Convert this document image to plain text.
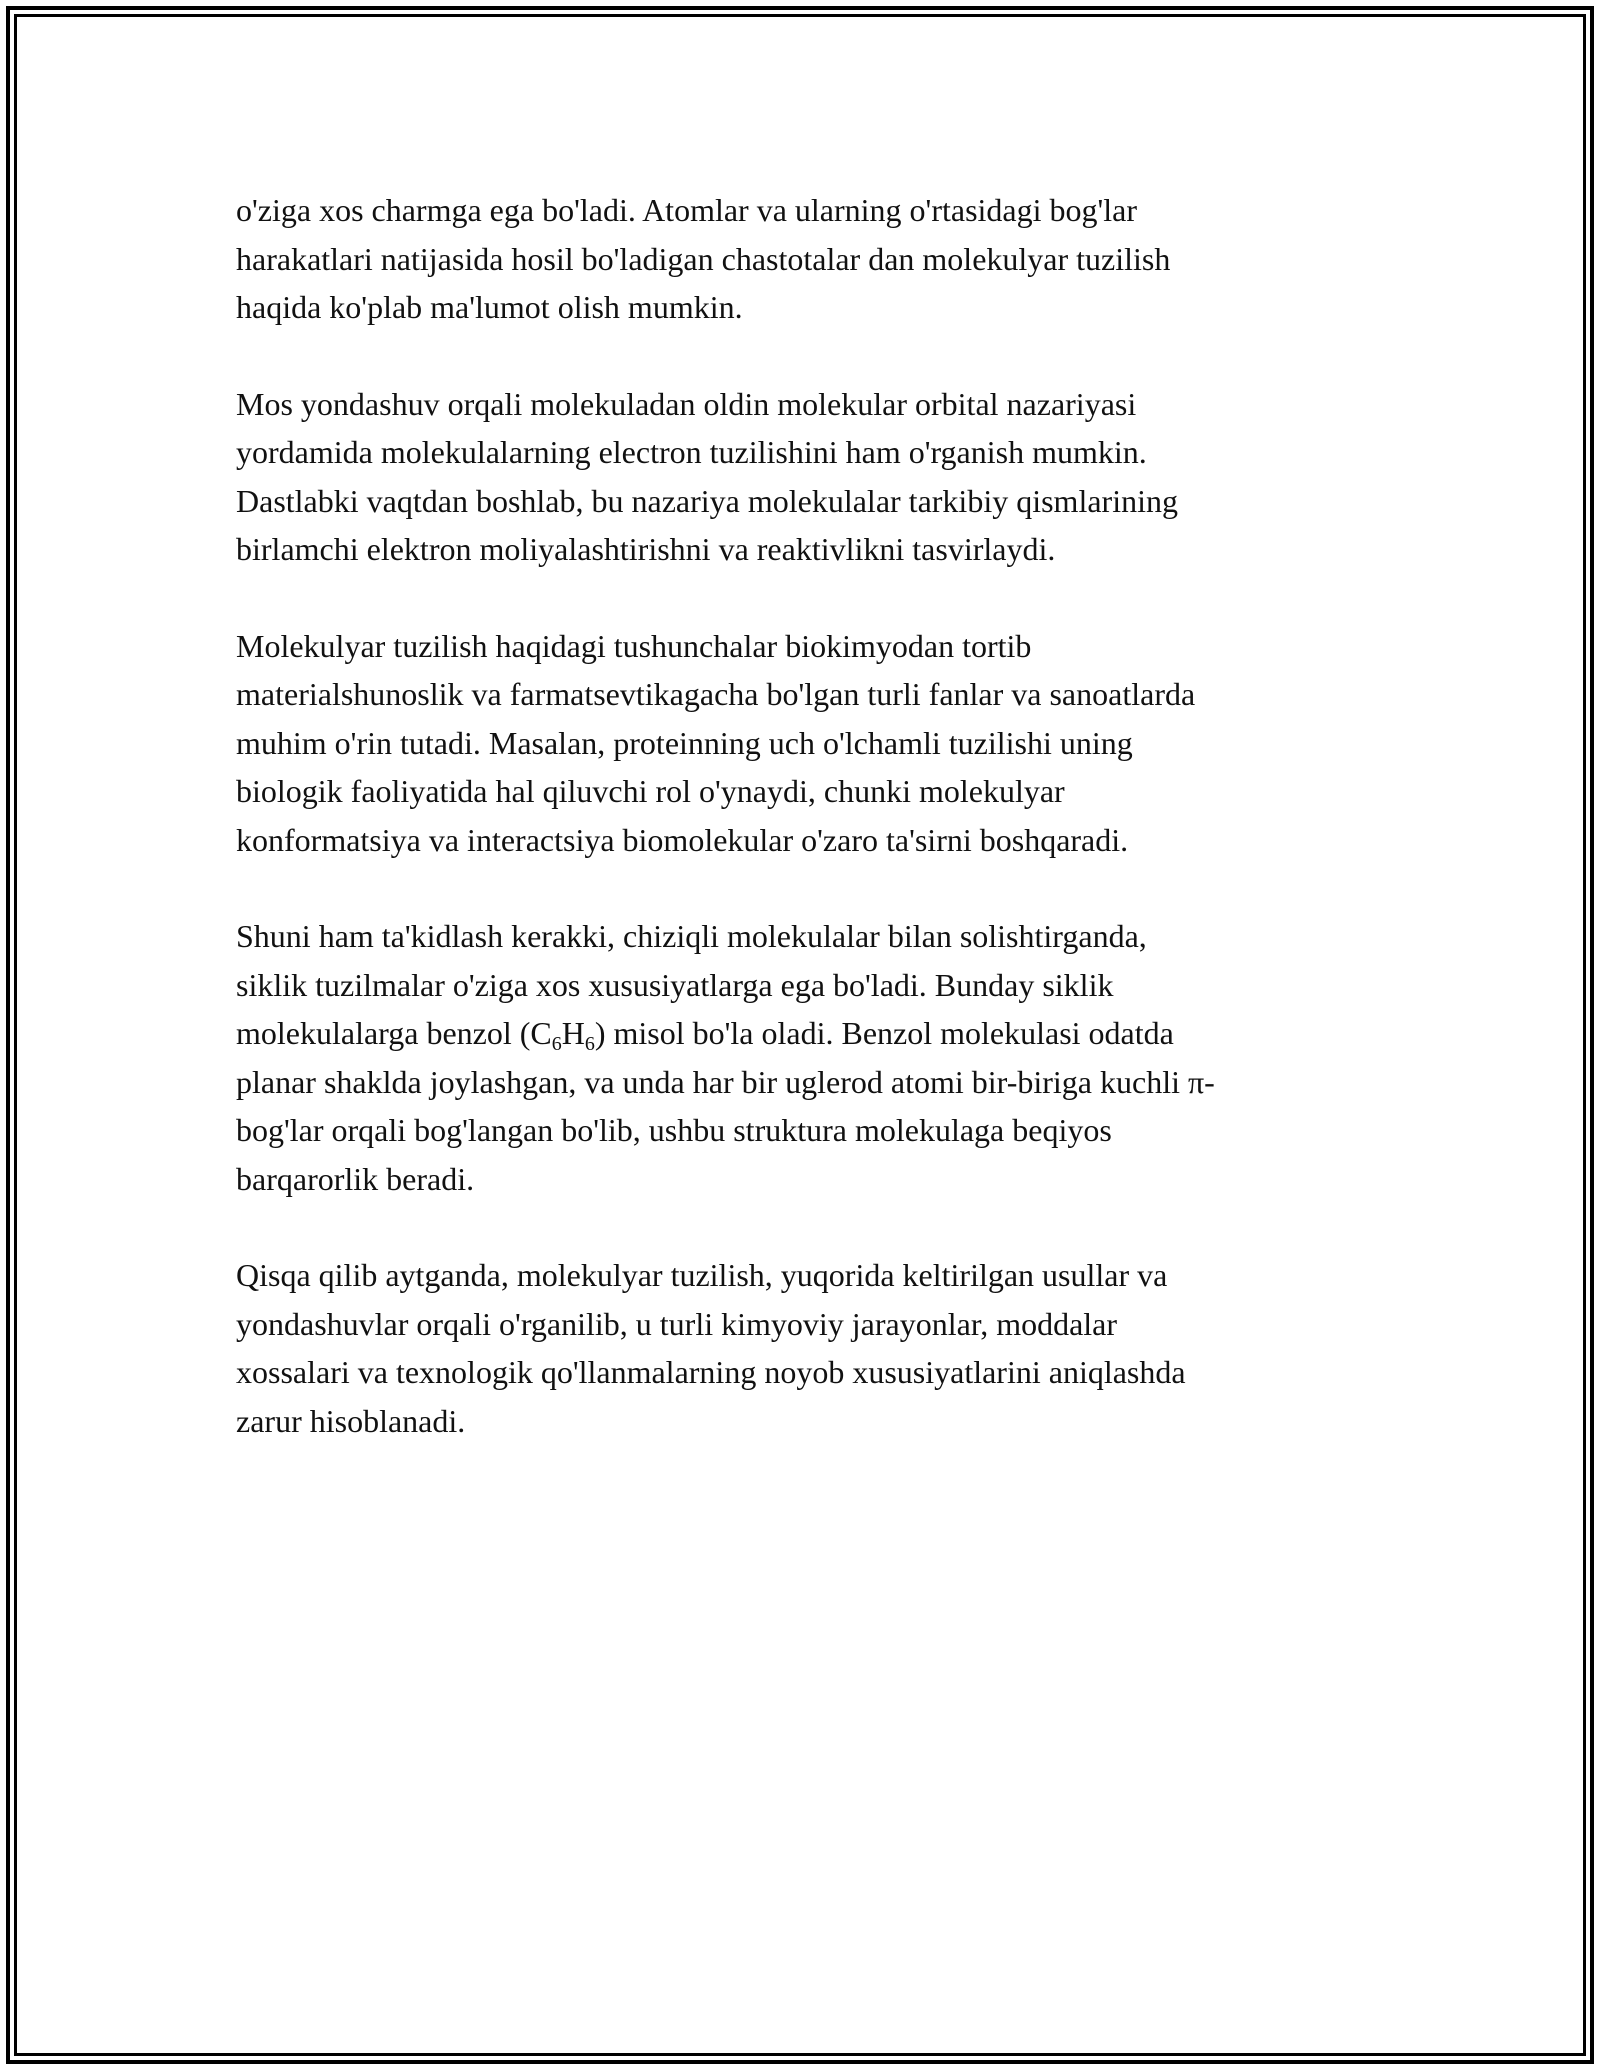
o'ziga xos charmga ega bo'ladi. Atomlar va ularning o'rtasidagi bog'lar
harakatlari natijasida hosil bo'ladigan chastotalar dan molekulyar tuzilish
haqida ko'plab ma'lumot olish mumkin.

Mos yondashuv orqali molekuladan oldin molekular orbital nazariyasi
yordamida molekulalarning electron tuzilishini ham o'rganish mumkin.
Dastlabki vaqtdan boshlab, bu nazariya molekulalar tarkibiy qismlarining
birlamchi elektron moliyalashtirishni va reaktivlikni tasvirlaydi.

Molekulyar tuzilish haqidagi tushunchalar biokimyodan tortib
materialshunoslik va farmatsevtikagacha bo'lgan turli fanlar va sanoatlarda
muhim o'rin tutadi. Masalan, proteinning uch o'lchamli tuzilishi uning
biologik faoliyatida hal qiluvchi rol o'ynaydi, chunki molekulyar
konformatsiya va interactsiya biomolekular o'zaro ta'sirni boshqaradi.

Shuni ham ta'kidlash kerakki, chiziqli molekulalar bilan solishtirganda,
siklik tuzilmalar o'ziga xos xususiyatlarga ega bo'ladi. Bunday siklik
molekulalarga benzol $(C_6H_6)$ misol bo'la oladi. Benzol molekulasi odatda
planar shaklda joylashgan, va unda har bir uglerod atomi bir-biriga kuchli π-
bog'lar orqali bog'langan bo'lib, ushbu struktura molekulaga beqiyos
barqarorlik beradi.

Qisqa qilib aytganda, molekulyar tuzilish, yuqorida keltirilgan usullar va
yondashuvlar orqali o'rganilib, u turli kimyoviy jarayonlar, moddalar
xossalari va texnologik qo'llanmalarning noyob xususiyatlarini aniqlashda
zarur hisoblanadi.
